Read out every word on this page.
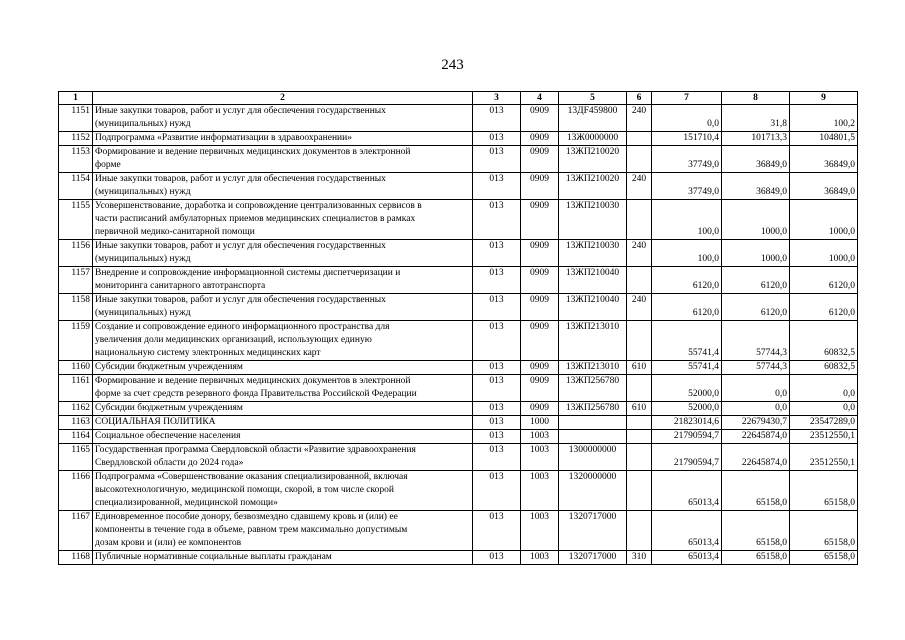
243
1	2	3	4	5	6	7	8	9
1151	Иные закупки товаров, работ и услуг для обеспечения государственных
(муниципальных) нужд	013	0909	13ДF459800	240	0,0	31,8	100,2
1152	Подпрограмма «Развитие информатизации в здравоохранении»	013	0909	13Ж0000000		151710,4	101713,3	104801,5
1153	Формирование и ведение первичных медицинских документов в электронной
форме	013	0909	13ЖП210020		37749,0	36849,0	36849,0
1154	Иные закупки товаров, работ и услуг для обеспечения государственных
(муниципальных) нужд	013	0909	13ЖП210020	240	37749,0	36849,0	36849,0
1155	Усовершенствование, доработка и сопровождение централизованных сервисов в
части расписаний амбулаторных приемов медицинских специалистов в рамках
первичной медико-санитарной помощи	013	0909	13ЖП210030		100,0	1000,0	1000,0
1156	Иные закупки товаров, работ и услуг для обеспечения государственных
(муниципальных) нужд	013	0909	13ЖП210030	240	100,0	1000,0	1000,0
1157	Внедрение и сопровождение информационной системы диспетчеризации и
мониторинга санитарного автотранспорта	013	0909	13ЖП210040		6120,0	6120,0	6120,0
1158	Иные закупки товаров, работ и услуг для обеспечения государственных
(муниципальных) нужд	013	0909	13ЖП210040	240	6120,0	6120,0	6120,0
1159	Создание и сопровождение единого информационного пространства для
увеличения доли медицинских организаций, использующих единую
национальную систему электронных медицинских карт	013	0909	13ЖП213010		55741,4	57744,3	60832,5
1160	Субсидии бюджетным учреждениям	013	0909	13ЖП213010	610	55741,4	57744,3	60832,5
1161	Формирование и ведение первичных медицинских документов в электронной
форме за счет средств резервного фонда Правительства Российской Федерации	013	0909	13ЖП256780		52000,0	0,0	0,0
1162	Субсидии бюджетным учреждениям	013	0909	13ЖП256780	610	52000,0	0,0	0,0
1163	СОЦИАЛЬНАЯ ПОЛИТИКА	013	1000			21823014,6	22679430,7	23547289,0
1164	Социальное обеспечение населения	013	1003			21790594,7	22645874,0	23512550,1
1165	Государственная программа Свердловской области «Развитие здравоохранения
Свердловской области до 2024 года»	013	1003	1300000000		21790594,7	22645874,0	23512550,1
1166	Подпрограмма «Совершенствование оказания специализированной, включая
высокотехнологичную, медицинской помощи, скорой, в том числе скорой
специализированной, медицинской помощи»	013	1003	1320000000		65013,4	65158,0	65158,0
1167	Единовременное пособие донору, безвозмездно сдавшему кровь и (или) ее
компоненты в течение года в объеме, равном трем максимально допустимым
дозам крови и (или) ее компонентов	013	1003	1320717000		65013,4	65158,0	65158,0
1168	Публичные нормативные социальные выплаты гражданам	013	1003	1320717000	310	65013,4	65158,0	65158,0
